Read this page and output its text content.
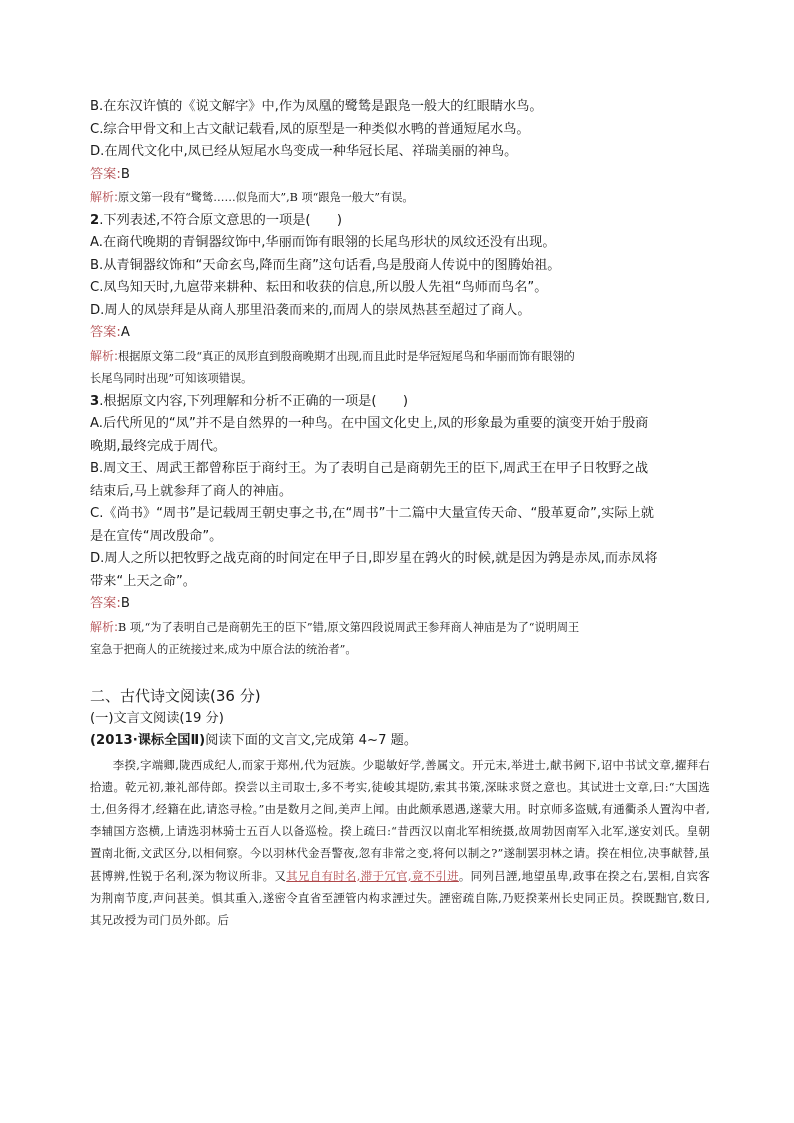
B.在东汉许慎的《说文解字》中,作为凤凰的鹭鸶是跟凫一般大的红眼睛水鸟。
C.综合甲骨文和上古文献记载看,凤的原型是一种类似水鸭的普通短尾水鸟。
D.在周代文化中,凤已经从短尾水鸟变成一种华冠长尾、祥瑞美丽的神鸟。
答案:B
解析:原文第一段有“鹭鸶……似凫而大”,B 项“跟凫一般大”有误。
2.下列表述,不符合原文意思的一项是(　　)
A.在商代晚期的青铜器纹饰中,华丽而饰有眼翎的长尾鸟形状的凤纹还没有出现。
B.从青铜器纹饰和“天命玄鸟,降而生商”这句话看,鸟是殷商人传说中的图腾始祖。
C.凤鸟知天时,九扈带来耕种、耘田和收获的信息,所以殷人先祖“鸟师而鸟名”。
D.周人的凤崇拜是从商人那里沿袭而来的,而周人的崇凤热甚至超过了商人。
答案:A
解析:根据原文第二段“真正的凤形直到殷商晚期才出现,而且此时是华冠短尾鸟和华丽而饰有眼翎的
长尾鸟同时出现”可知该项错误。
3.根据原文内容,下列理解和分析不正确的一项是(　　)
A.后代所见的“凤”并不是自然界的一种鸟。在中国文化史上,凤的形象最为重要的演变开始于殷商
晚期,最终完成于周代。
B.周文王、周武王都曾称臣于商纣王。为了表明自己是商朝先王的臣下,周武王在甲子日牧野之战
结束后,马上就参拜了商人的神庙。
C.《尚书》“周书”是记载周王朝史事之书,在“周书”十二篇中大量宣传天命、“殷革夏命”,实际上就
是在宣传“周改殷命”。
D.周人之所以把牧野之战克商的时间定在甲子日,即岁星在鹑火的时候,就是因为鹑是赤凤,而赤凤将
带来“上天之命”。
答案:B
解析:B 项,“为了表明自己是商朝先王的臣下”错,原文第四段说周武王参拜商人神庙是为了“说明周王
室急于把商人的正统接过来,成为中原合法的统治者”。
二、古代诗文阅读(36 分)
(一)文言文阅读(19 分)
(2013·课标全国Ⅱ)阅读下面的文言文,完成第 4~7 题。

李揆,字端卿,陇西成纪人,而家于郑州,代为冠族。少聪敏好学,善属文。开元末,举进士,献书阙下,诏中书试文章,擢拜右拾遗。乾元初,兼礼部侍郎。揆尝以主司取士,多不考实,徒峻其堤防,索其书策,深昧求贤之意也。其试进士文章,曰:“大国选士,但务得才,经籍在此,请恣寻检。”由是数月之间,美声上闻。由此颇承恩遇,遂蒙大用。时京师多盗贼,有通衢杀人置沟中者,李辅国方恣横,上请选羽林骑士五百人以备巡检。揆上疏曰:“昔西汉以南北军相统摄,故周勃因南军入北军,遂安刘氏。皇朝置南北衙,文武区分,以相伺察。今以羽林代金吾警夜,忽有非常之变,将何以制之?”遂制罢羽林之请。揆在相位,决事献替,虽甚博辨,性锐于名利,深为物议所非。又其兄自有时名,滞于冗官,竟不引进。同列吕諲,地望虽卑,政事在揆之右,罢相,自宾客为荆南节度,声问甚美。惧其重入,遂密令直省至諲管内构求諲过失。諲密疏自陈,乃贬揆莱州长史同正员。揆既黜官,数日,其兄改授为司门员外郎。后
